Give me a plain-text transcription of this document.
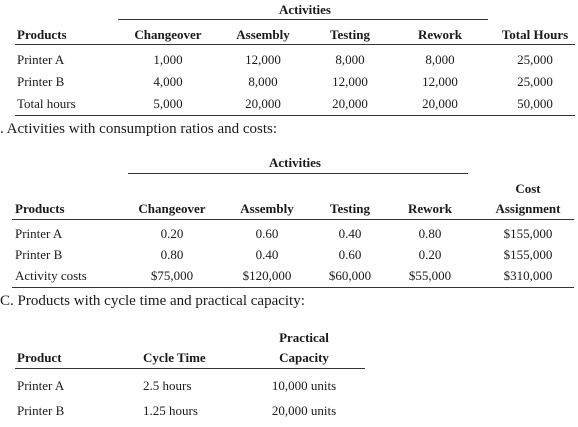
Activities
Products	Changeover	Assembly	Testing	Rework	Total Hours
Printer A	1,000	12,000	8,000	8,000	25,000
Printer B	4,000	8,000	12,000	12,000	25,000
Total hours	5,000	20,000	20,000	20,000	50,000
. Activities with consumption ratios and costs:
Activities
Cost
Products	Changeover	Assembly	Testing	Rework	Assignment
Printer A	0.20	0.60	0.40	0.80	$155,000
Printer B	0.80	0.40	0.60	0.20	$155,000
Activity costs	$75,000	$120,000	$60,000	$55,000	$310,000
C. Products with cycle time and practical capacity:
Practical
Product	Cycle Time	Capacity
Printer A	2.5 hours	10,000 units
Printer B	1.25 hours	20,000 units
